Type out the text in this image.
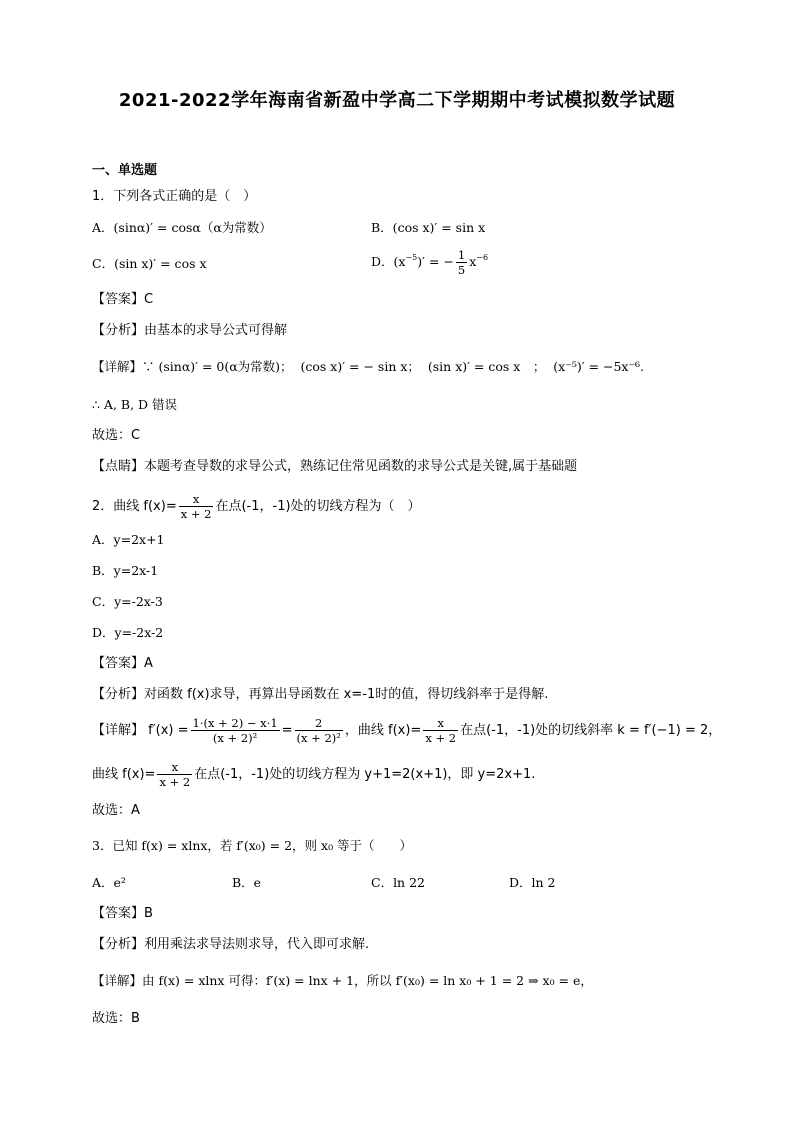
2021-2022学年海南省新盈中学高二下学期期中考试模拟数学试题
一、单选题
1．下列各式正确的是（　）
A．(sinα)′ = cosα（α为常数）	B．(cos x)′ = sin x
C．(sin x)′ = cos x	D．$(x^{-5})'$ = − $\frac{1}{5} x^{-6}$
【答案】C
【分析】由基本的求导公式可得解
【详解】∵ (sinα)′ = 0(α为常数)； (cos x)′ = − sin x； (sin x)′ = cos x　； (x⁻⁵)′ = −5x⁻⁶.
∴ A, B, D 错误
故选：C
【点睛】本题考查导数的求导公式，熟练记住常见函数的求导公式是关键,属于基础题
2．曲线 $f(x)= \frac{x}{x + 2}$ 在点(-1，-1)处的切线方程为（　）
A．y=2x+1
B．y=2x-1
C．y=-2x-3
D．y=-2x-2
【答案】A
【分析】对函数 f(x)求导，再算出导函数在 x=-1时的值，得切线斜率于是得解.
【详解】 $f'(x) = \frac{1\cdot(x + 2) - x\cdot 1}{\text{(x + 2)²}} = \frac{2}{\text{(x + 2)²}}$ ，曲线 $f(x)= \frac{x}{x + 2}$ 在点(-1，-1)处的切线斜率 k = f′(−1) = 2，
曲线 $f(x)= \frac{x}{x + 2}$ 在点(-1，-1)处的切线方程为 y+1=2(x+1)，即 y=2x+1.
故选：A
3．已知 f(x) = xlnx，若 f′(x₀) = 2，则 x₀ 等于（　　）
A．e²	B．e	C．ln 22	D．ln 2
【答案】B
【分析】利用乘法求导法则求导，代入即可求解.
【详解】由 f(x) = xlnx 可得：f′(x) = lnx + 1，所以 f′(x₀) = ln x₀ + 1 = 2 ⇒ x₀ = e，
故选：B
